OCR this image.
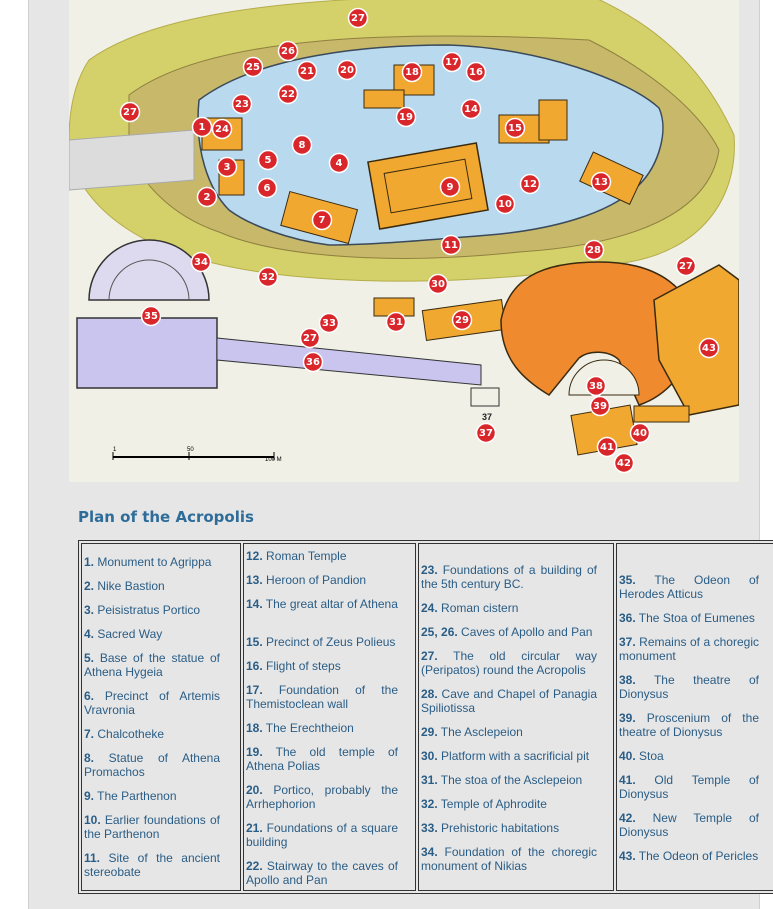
1	50
100 M
37
27
26
25	21	20	18
17
16
27
23
22
19
14
15
1 24
8
5	4
3
6	9	12	13
2
10
7
11	28
34
32
27
30
35
33	31	29
27
43
36
38
39
40
37
41
42
Plan of the Acropolis
1. Monument to Agrippa
2. Nike Bastion
3. Peisistratus Portico
4. Sacred Way
5. Base of the statue of Athena Hygeia
6. Precinct of Artemis Vravronia
7. Chalcotheke
8. Statue of Athena Promachos
9. The Parthenon
10. Earlier foundations of the Parthenon
11. Site of the ancient stereobate

12. Roman Temple
13. Heroon of Pandion
14. The great altar of Athena
15. Precinct of Zeus Polieus
16. Flight of steps
17. Foundation of the Themistoclean wall
18. The Erechtheion
19. The old temple of Athena Polias
20. Portico, probably the Arrhephorion
21. Foundations of a square building
22. Stairway to the caves of Apollo and Pan

23. Foundations of a building of the 5th century BC.
24. Roman cistern
25, 26. Caves of Apollo and Pan
27. The old circular way (Peripatos) round the Acropolis
28. Cave and Chapel of Panagia Spiliotissa
29. The Asclepeion
30. Platform with a sacrificial pit
31. The stoa of the Asclepeion
32. Temple of Aphrodite
33. Prehistoric habitations
34. Foundation of the choregic monument of Nikias

35. The Odeon of Herodes Atticus
36. The Stoa of Eumenes
37. Remains of a choregic monument
38. The theatre of Dionysus
39. Proscenium of the theatre of Dionysus
40. Stoa
41. Old Temple of Dionysus
42. New Temple of Dionysus
43. The Odeon of Pericles
